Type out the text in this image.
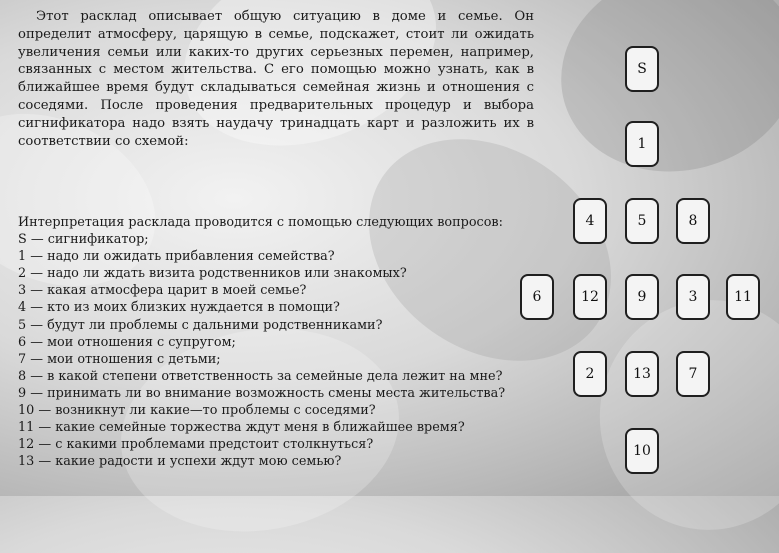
Этот расклад описывает общую ситуацию в доме и семье. Он определит атмосферу, царящую в семье, подскажет, стоит ли ожидать увеличения семьи или каких-то других серьезных перемен, например, связанных с местом жительства. С его помощью можно узнать, как в ближайшее время будут складываться семейная жизнь и отношения с соседями. После проведения предварительных процедур и выбора сигнификатора надо взять наудачу тринадцать карт и разложить их в соответствии со схемой:

Интерпретация расклада проводится с помощью следующих вопросов:
S — сигнификатор;
1 — надо ли ожидать прибавления семейства?
2 — надо ли ждать визита родственников или знакомых?
3 — какая атмосфера царит в моей семье?
4 — кто из моих близких нуждается в помощи?
5 — будут ли проблемы с дальними родственниками?
6 — мои отношения с супругом;
7 — мои отношения с детьми;
8 — в какой степени ответственность за семейные дела лежит на мне?
9 — принимать ли во внимание возможность смены места жительства?
10 — возникнут ли какие—то проблемы с соседями?
11 — какие семейные торжества ждут меня в ближайшее время?
12 — с какими проблемами предстоит столкнуться?
13 — какие радости и успехи ждут мою семью?
S
1
4	5	8
6	12	9	3	11
2	13	7
10
